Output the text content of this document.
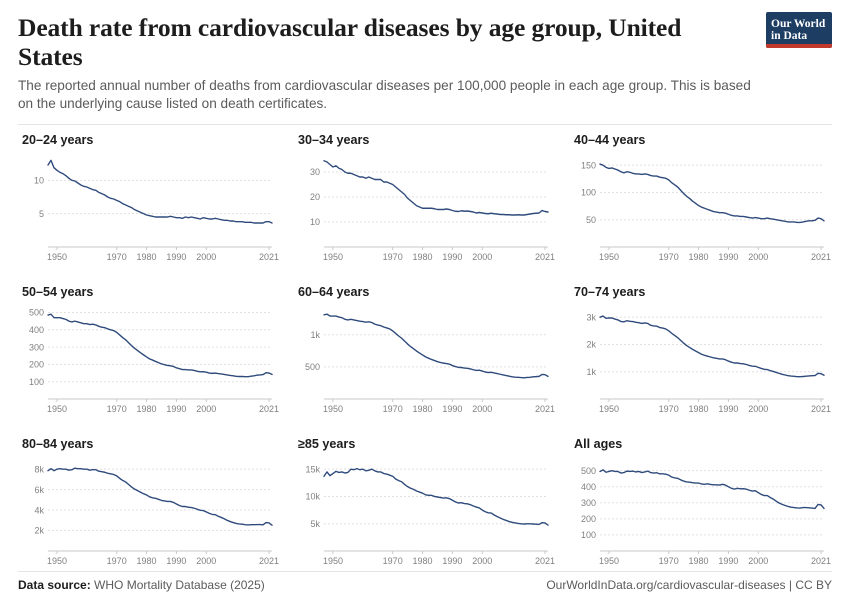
Death rate from cardiovascular diseases by age group, United States

The reported annual number of deaths from cardiovascular diseases per 100,000 people in each age group. This is based on the underlying cause listed on death certificates.

Our World
in Data
20–24 years
5
10
1950	1970 1980 1990 2000	2021
30–34 years
10
20
30
1950	1970 1980 1990 2000	2021
40–44 years
50
100
150
1950	1970 1980 1990 2000	2021
50–54 years
100
200
300
400
500
1950	1970 1980 1990 2000	2021
60–64 years
500
1k
1950	1970 1980 1990 2000	2021
70–74 years
1k
2k
3k
1950	1970 1980 1990 2000	2021
80–84 years
2k
4k
6k
8k
1950	1970 1980 1990 2000	2021
≥85 years
5k
10k
15k
1950	1970 1980 1990 2000	2021
All ages
100
200
300
400
500
1950	1970 1980 1990 2000	2021
Data source: WHO Mortality Database (2025)	OurWorldInData.org/cardiovascular-diseases | CC BY
